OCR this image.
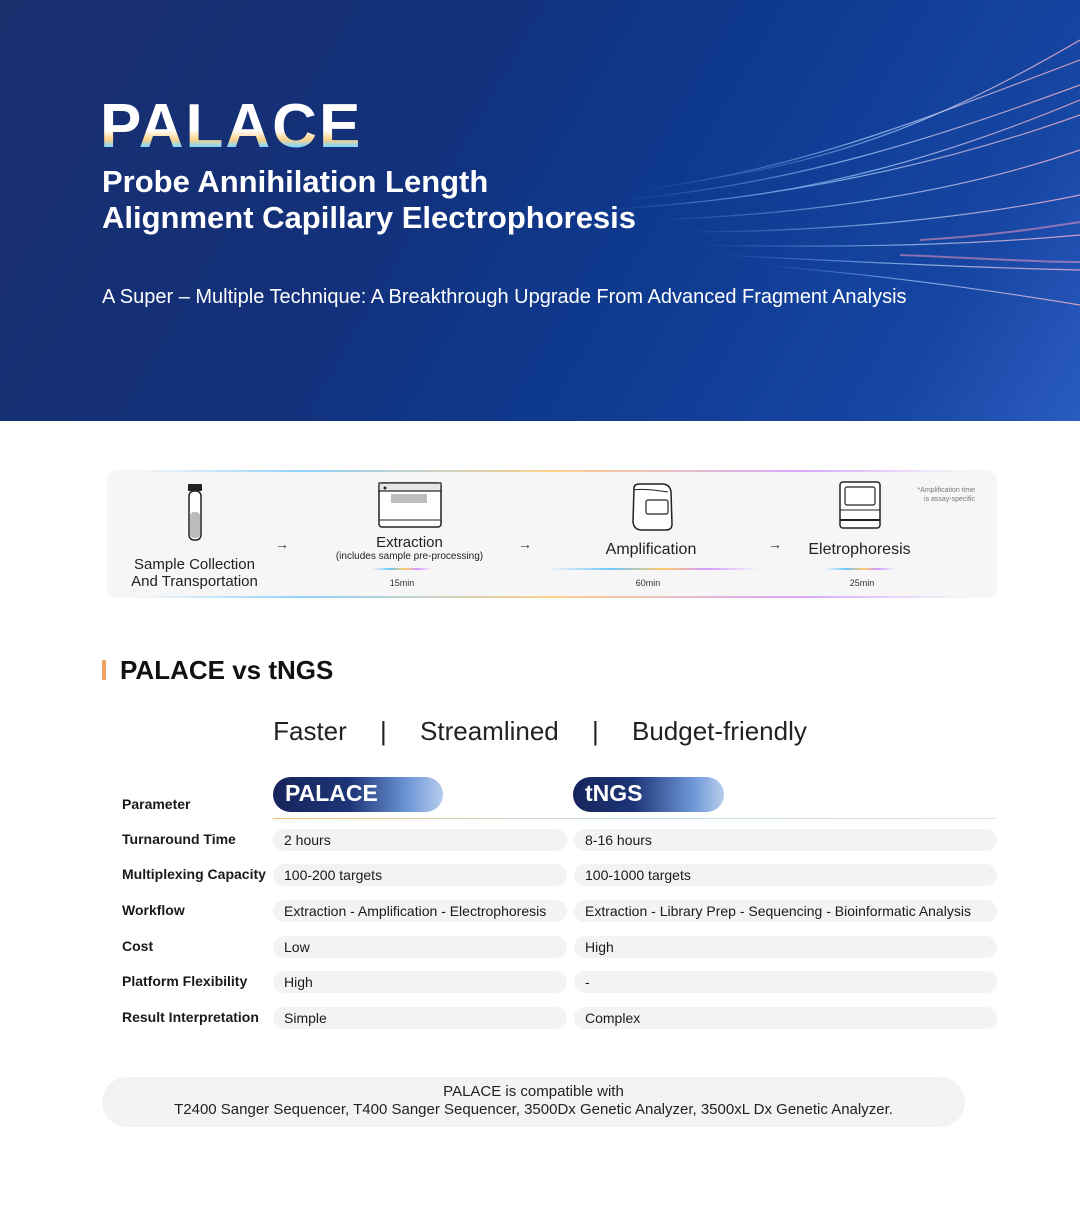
PALACE
Probe Annihilation Length
Alignment Capillary Electrophoresis
A Super – Multiple Technique: A Breakthrough Upgrade From Advanced Fragment Analysis
Sample Collection
And Transportation
→	Extraction
(includes sample pre-processing)
15min
→	Amplification
60min
→	Eletrophoresis
25min
*Amplification time
is assay-specific
PALACE vs tNGS
Faster | Streamlined | Budget-friendly
Parameter	PALACE	tNGS
Turnaround Time	2 hours	8-16 hours
Multiplexing Capacity	100-200 targets	100-1000 targets
Workflow	Extraction - Amplification - Electrophoresis	Extraction - Library Prep - Sequencing - Bioinformatic Analysis
Cost	Low	High
Platform Flexibility	High	-
Result Interpretation	Simple	Complex
PALACE is compatible with
T2400 Sanger Sequencer, T400 Sanger Sequencer, 3500Dx Genetic Analyzer, 3500xL Dx Genetic Analyzer.
